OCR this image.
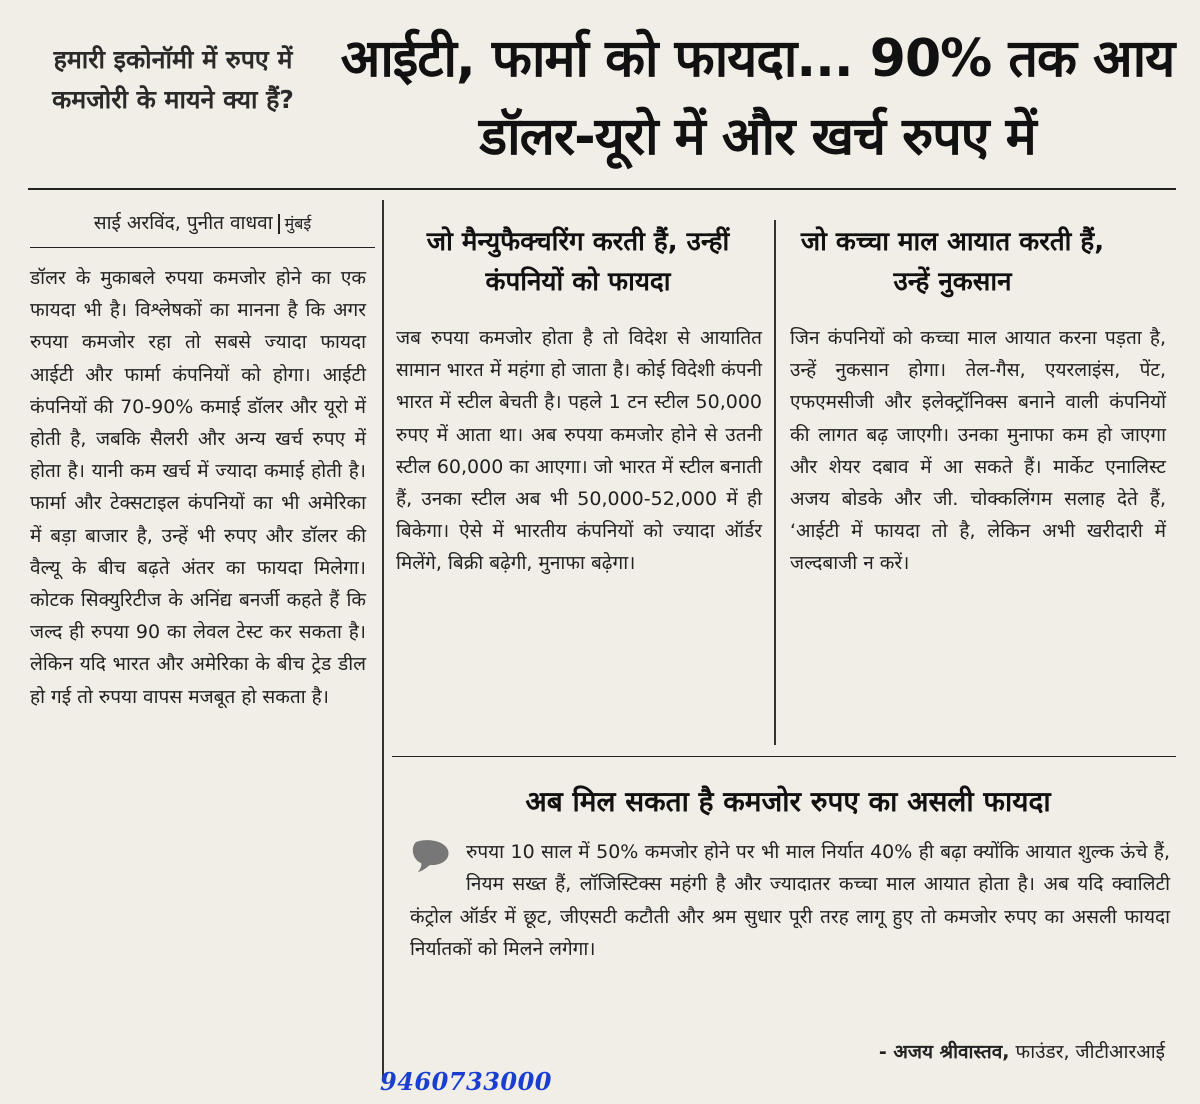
हमारी इकोनॉमी में रुपए में कमजोरी के मायने क्या हैं?
आईटी, फार्मा को फायदा... 90% तक आय डॉलर-यूरो में और खर्च रुपए में
साई अरविंद, पुनीत वाधवा मुंबई
डॉलर के मुकाबले रुपया कमजोर होने का एक फायदा भी है। विश्लेषकों का मानना है कि अगर रुपया कमजोर रहा तो सबसे ज्यादा फायदा आईटी और फार्मा कंपनियों को होगा। आईटी कंपनियों की 70-90% कमाई डॉलर और यूरो में होती है, जबकि सैलरी और अन्य खर्च रुपए में होता है। यानी कम खर्च में ज्यादा कमाई होती है। फार्मा और टेक्सटाइल कंपनियों का भी अमेरिका में बड़ा बाजार है, उन्हें भी रुपए और डॉलर की वैल्यू के बीच बढ़ते अंतर का फायदा मिलेगा। कोटक सिक्युरिटीज के अनिंद्य बनर्जी कहते हैं कि जल्द ही रुपया 90 का लेवल टेस्ट कर सकता है। लेकिन यदि भारत और अमेरिका के बीच ट्रेड डील हो गई तो रुपया वापस मजबूत हो सकता है।
जो मैन्युफैक्चरिंग करती हैं, उन्हीं कंपनियों को फायदा
जब रुपया कमजोर होता है तो विदेश से आयातित सामान भारत में महंगा हो जाता है। कोई विदेशी कंपनी भारत में स्टील बेचती है। पहले 1 टन स्टील 50,000 रुपए में आता था। अब रुपया कमजोर होने से उतनी स्टील 60,000 का आएगा। जो भारत में स्टील बनाती हैं, उनका स्टील अब भी 50,000-52,000 में ही बिकेगा। ऐसे में भारतीय कंपनियों को ज्यादा ऑर्डर मिलेंगे, बिक्री बढ़ेगी, मुनाफा बढ़ेगा।
जो कच्चा माल आयात करती हैं, उन्हें नुकसान
जिन कंपनियों को कच्चा माल आयात करना पड़ता है, उन्हें नुकसान होगा। तेल-गैस, एयरलाइंस, पेंट, एफएमसीजी और इलेक्ट्रॉनिक्स बनाने वाली कंपनियों की लागत बढ़ जाएगी। उनका मुनाफा कम हो जाएगा और शेयर दबाव में आ सकते हैं। मार्केट एनालिस्ट अजय बोडके और जी. चोक्कलिंगम सलाह देते हैं, ‘आईटी में फायदा तो है, लेकिन अभी खरीदारी में जल्दबाजी न करें।
अब मिल सकता है कमजोर रुपए का असली फायदा
रुपया 10 साल में 50% कमजोर होने पर भी माल निर्यात 40% ही बढ़ा क्योंकि आयात शुल्क ऊंचे हैं, नियम सख्त हैं, लॉजिस्टिक्स महंगी है और ज्यादातर कच्चा माल आयात होता है। अब यदि क्वालिटी कंट्रोल ऑर्डर में छूट, जीएसटी कटौती और श्रम सुधार पूरी तरह लागू हुए तो कमजोर रुपए का असली फायदा निर्यातकों को मिलने लगेगा।
- अजय श्रीवास्तव, फाउंडर, जीटीआरआई
9460733000
